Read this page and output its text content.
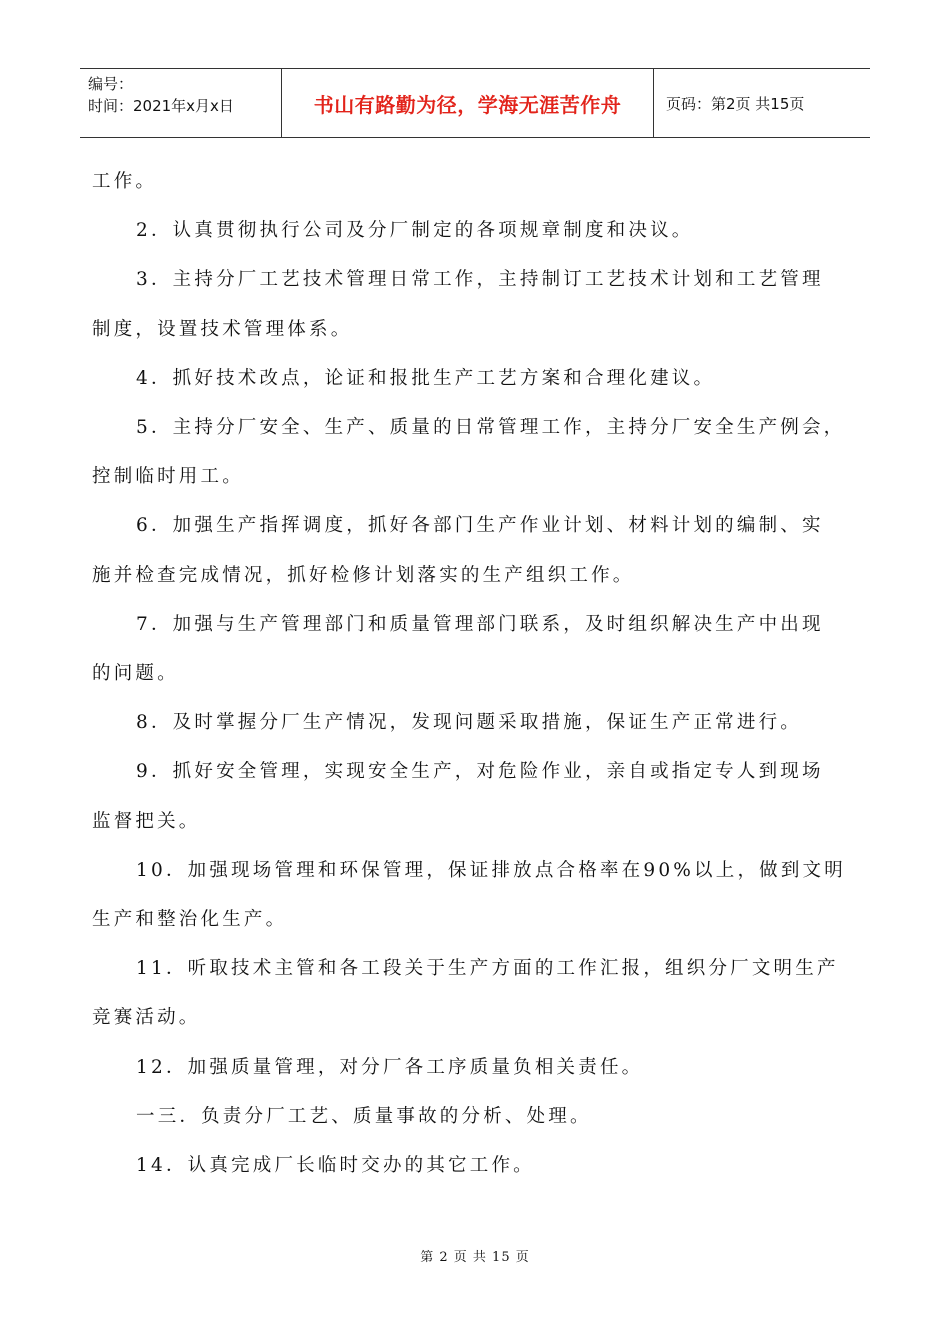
编号：
时间：2021年x月x日	书山有路勤为径，学海无涯苦作舟	页码：第2页 共15页
工作。
2．认真贯彻执行公司及分厂制定的各项规章制度和决议。
3．主持分厂工艺技术管理日常工作，主持制订工艺技术计划和工艺管理
制度，设置技术管理体系。
4．抓好技术改点，论证和报批生产工艺方案和合理化建议。
5．主持分厂安全、生产、质量的日常管理工作，主持分厂安全生产例会，
控制临时用工。
6．加强生产指挥调度，抓好各部门生产作业计划、材料计划的编制、实
施并检查完成情况，抓好检修计划落实的生产组织工作。
7．加强与生产管理部门和质量管理部门联系，及时组织解决生产中出现
的问题。
8．及时掌握分厂生产情况，发现问题采取措施，保证生产正常进行。
9．抓好安全管理，实现安全生产，对危险作业，亲自或指定专人到现场
监督把关。
10．加强现场管理和环保管理，保证排放点合格率在90%以上，做到文明
生产和整治化生产。
11．听取技术主管和各工段关于生产方面的工作汇报，组织分厂文明生产
竞赛活动。
12．加强质量管理，对分厂各工序质量负相关责任。
一三．负责分厂工艺、质量事故的分析、处理。
14．认真完成厂长临时交办的其它工作。
第 2 页 共 15 页
